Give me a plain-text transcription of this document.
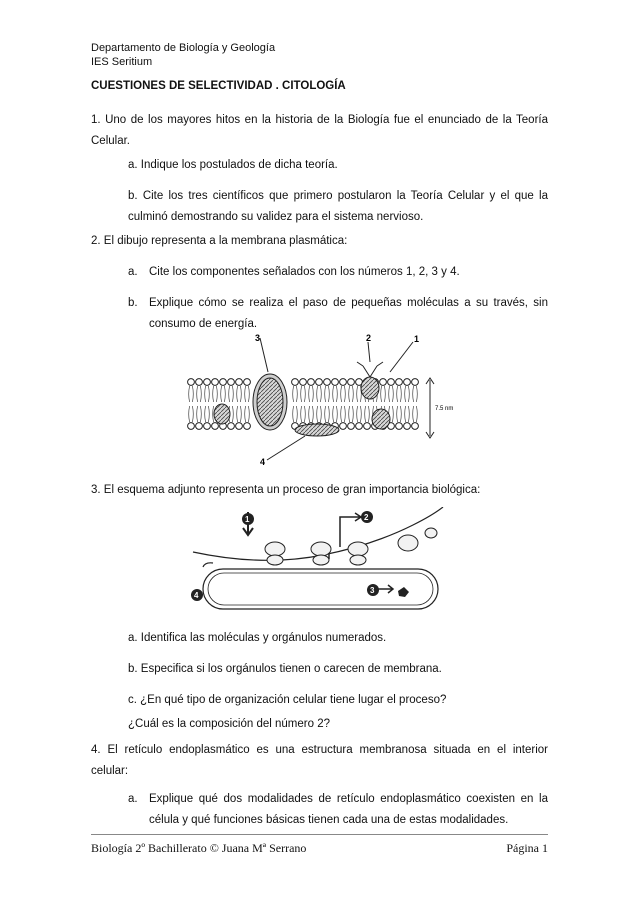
Departamento de Biología y Geología
IES Seritium
CUESTIONES DE SELECTIVIDAD . CITOLOGÍA
1. Uno de los mayores hitos en la historia de la Biología fue el enunciado de la Teoría Celular.
a. Indique los postulados de dicha teoría.
b. Cite los tres científicos que primero postularon la Teoría Celular y el que la culminó demostrando su validez para el sistema nervioso.
2. El dibujo representa a la membrana plasmática:
a. Cite los componentes señalados con los números 1, 2, 3 y 4.
b. Explique cómo se realiza el paso de pequeñas moléculas a su través, sin consumo de energía.
3	2	1
4
7.5 nm
3. El esquema adjunto representa un proceso de gran importancia biológica:
1	2
3
4
a. Identifica las moléculas y orgánulos numerados.
b. Especifica si los orgánulos tienen o carecen de membrana.
c. ¿En qué tipo de organización celular tiene lugar el proceso?
¿Cuál es la composición del número 2?
4. El retículo endoplasmático es una estructura membranosa situada en el interior celular:
a. Explique qué dos modalidades de retículo endoplasmático coexisten en la célula y qué funciones básicas tienen cada una de estas modalidades.
Biología 2º Bachillerato © Juana Mª Serrano	Página 1
